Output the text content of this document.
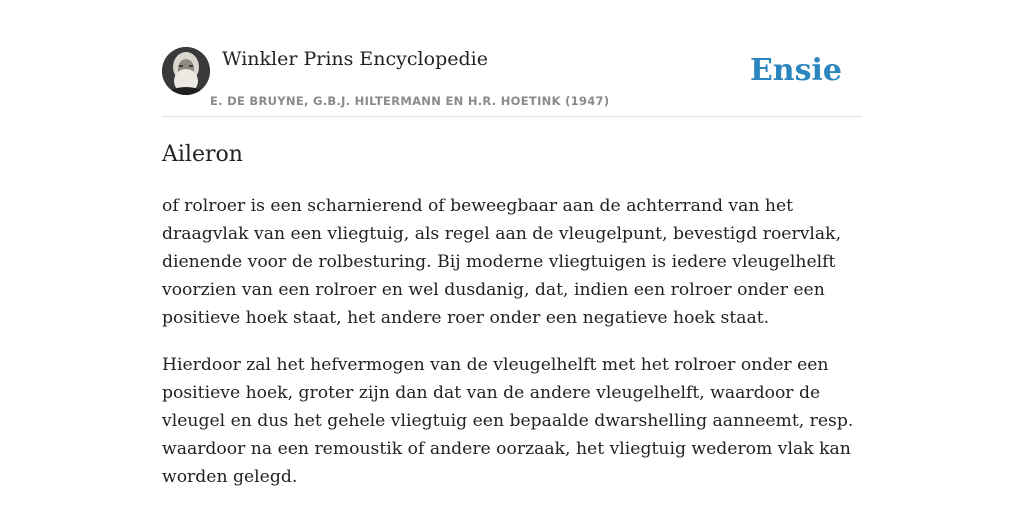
Winkler Prins Encyclopedie
E. DE BRUYNE, G.B.J. HILTERMANN EN H.R. HOETINK (1947)
Ensie
Aileron

of rolroer is een scharnierend of beweegbaar aan de achterrand van het draagvlak van een vliegtuig, als regel aan de vleugelpunt, bevestigd roervlak, dienende voor de rolbesturing. Bij moderne vliegtuigen is iedere vleugelhelft voorzien van een rolroer en wel dusdanig, dat, indien een rolroer onder een positieve hoek staat, het andere roer onder een negatieve hoek staat.

Hierdoor zal het hefvermogen van de vleugelhelft met het rolroer onder een positieve hoek, groter zijn dan dat van de andere vleugelhelft, waardoor de vleugel en dus het gehele vliegtuig een bepaalde dwarshelling aanneemt, resp. waardoor na een remoustik of andere oorzaak, het vliegtuig wederom vlak kan worden gelegd.
